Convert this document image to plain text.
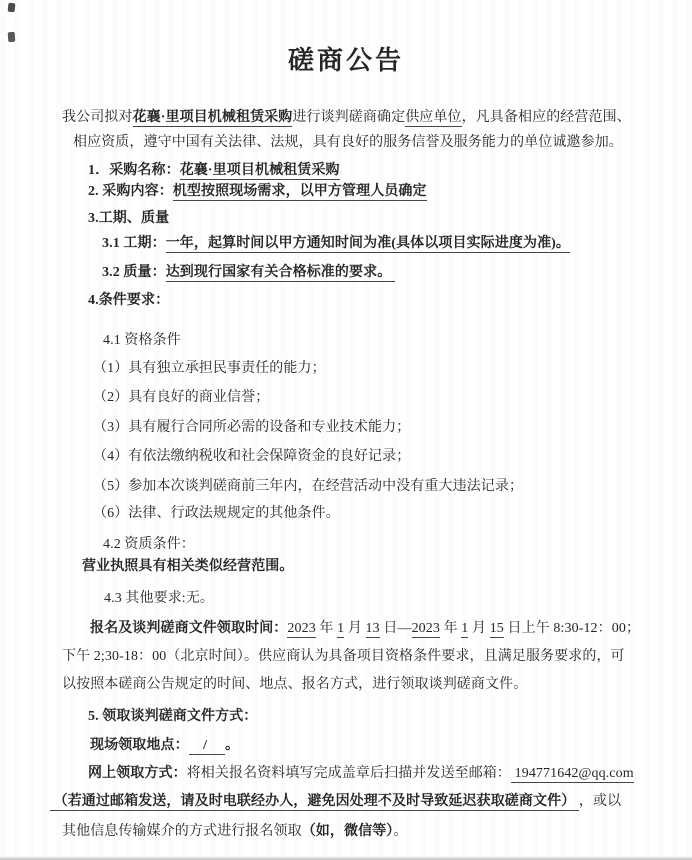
磋商公告
我公司拟对花襄·里项目机械租赁采购进行谈判磋商确定供应单位，凡具备相应的经营范围、
相应资质，遵守中国有关法律、法规，具有良好的服务信誉及服务能力的单位诚邀参加。
1．采购名称：花襄·里项目机械租赁采购
2. 采购内容：机型按照现场需求，以甲方管理人员确定
3.工期、质量
3.1 工期：一年，起算时间以甲方通知时间为准(具体以项目实际进度为准)。
3.2 质量：达到现行国家有关合格标准的要求。
4.条件要求：
4.1 资格条件
（1）具有独立承担民事责任的能力；
（2）具有良好的商业信誉；
（3）具有履行合同所必需的设备和专业技术能力；
（4）有依法缴纳税收和社会保障资金的良好记录；
（5）参加本次谈判磋商前三年内，在经营活动中没有重大违法记录；
（6）法律、行政法规规定的其他条件。
4.2 资质条件：
营业执照具有相关类似经营范围。
4.3 其他要求:无。
报名及谈判磋商文件领取时间：2023 年 1 月 13 日—2023 年 1 月 15 日上午 8:30-12：00；
下午 2;30-18：00（北京时间）。供应商认为具备项目资格条件要求，且满足服务要求的，可
以按照本磋商公告规定的时间、地点、报名方式，进行领取谈判磋商文件。
5. 领取谈判磋商文件方式：
现场领取地点：    /     。
网上领取方式：将相关报名资料填写完成盖章后扫描并发送至邮箱： 194771642@qq.com
（若通过邮箱发送，请及时电联经办人，避免因处理不及时导致延迟获取磋商文件） ，或以
其他信息传输媒介的方式进行报名领取（如，微信等）。
